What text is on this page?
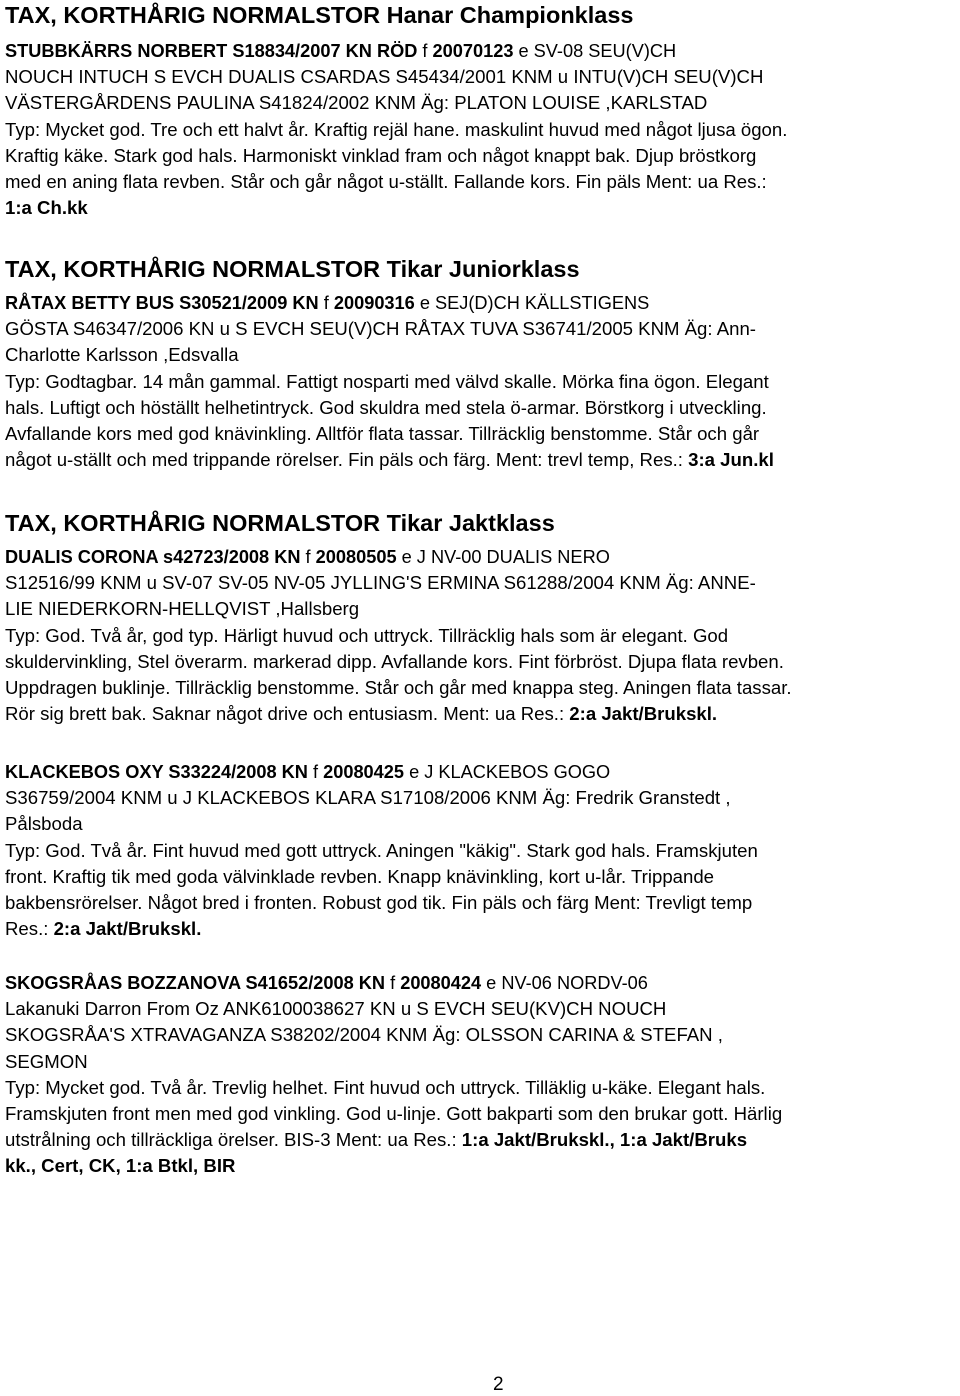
TAX, KORTHÅRIG NORMALSTOR Hanar Championklass
STUBBKÄRRS NORBERT S18834/2007 KN RÖD f 20070123 e SV-08 SEU(V)CH
NOUCH INTUCH S EVCH DUALIS CSARDAS S45434/2001 KNM u INTU(V)CH SEU(V)CH
VÄSTERGÅRDENS PAULINA S41824/2002 KNM Äg: PLATON LOUISE ,KARLSTAD
Typ: Mycket god. Tre och ett halvt år. Kraftig rejäl hane. maskulint huvud med något ljusa ögon.
Kraftig käke. Stark god hals. Harmoniskt vinklad fram och något knappt bak. Djup bröstkorg
med en aning flata revben. Står och går något u-ställt. Fallande kors. Fin päls Ment: ua Res.:
1:a Ch.kk
TAX, KORTHÅRIG NORMALSTOR Tikar Juniorklass
RÅTAX BETTY BUS S30521/2009 KN f 20090316 e SEJ(D)CH KÄLLSTIGENS
GÖSTA S46347/2006 KN u S EVCH SEU(V)CH RÅTAX TUVA S36741/2005 KNM Äg: Ann-
Charlotte Karlsson ,Edsvalla
Typ: Godtagbar. 14 mån gammal. Fattigt nosparti med välvd skalle. Mörka fina ögon. Elegant
hals. Luftigt och höställt helhetintryck. God skuldra med stela ö-armar. Börstkorg i utveckling.
Avfallande kors med god knävinkling. Alltför flata tassar. Tillräcklig benstomme. Står och går
något u-ställt och med trippande rörelser. Fin päls och färg. Ment: trevl temp, Res.: 3:a Jun.kl
TAX, KORTHÅRIG NORMALSTOR Tikar Jaktklass
DUALIS CORONA s42723/2008 KN f 20080505 e J NV-00 DUALIS NERO
S12516/99 KNM u SV-07 SV-05 NV-05 JYLLING'S ERMINA S61288/2004 KNM Äg: ANNE-
LIE NIEDERKORN-HELLQVIST ,Hallsberg
Typ: God. Två år, god typ. Härligt huvud och uttryck. Tillräcklig hals som är elegant. God
skuldervinkling, Stel överarm. markerad dipp. Avfallande kors. Fint förbröst. Djupa flata revben.
Uppdragen buklinje. Tillräcklig benstomme. Står och går med knappa steg. Aningen flata tassar.
Rör sig brett bak. Saknar något drive och entusiasm. Ment: ua Res.: 2:a Jakt/Brukskl.
KLACKEBOS OXY S33224/2008 KN f 20080425 e J KLACKEBOS GOGO
S36759/2004 KNM u J KLACKEBOS KLARA S17108/2006 KNM Äg: Fredrik Granstedt ,
Pålsboda
Typ: God. Två år. Fint huvud med gott uttryck. Aningen "käkig". Stark god hals. Framskjuten
front. Kraftig tik med goda välvinklade revben. Knapp knävinkling, kort u-lår. Trippande
bakbensrörelser. Något bred i fronten. Robust god tik. Fin päls och färg Ment: Trevligt temp
Res.: 2:a Jakt/Brukskl.
SKOGSRÅAS BOZZANOVA S41652/2008 KN f 20080424 e NV-06 NORDV-06
Lakanuki Darron From Oz ANK6100038627 KN u S EVCH SEU(KV)CH NOUCH
SKOGSRÅA'S XTRAVAGANZA S38202/2004 KNM Äg: OLSSON CARINA & STEFAN ,
SEGMON
Typ: Mycket god. Två år. Trevlig helhet. Fint huvud och uttryck. Tilläklig u-käke. Elegant hals.
Framskjuten front men med god vinkling. God u-linje. Gott bakparti som den brukar gott. Härlig
utstrålning och tillräckliga örelser. BIS-3 Ment: ua Res.: 1:a Jakt/Brukskl., 1:a Jakt/Bruks
kk., Cert, CK, 1:a Btkl, BIR
2
